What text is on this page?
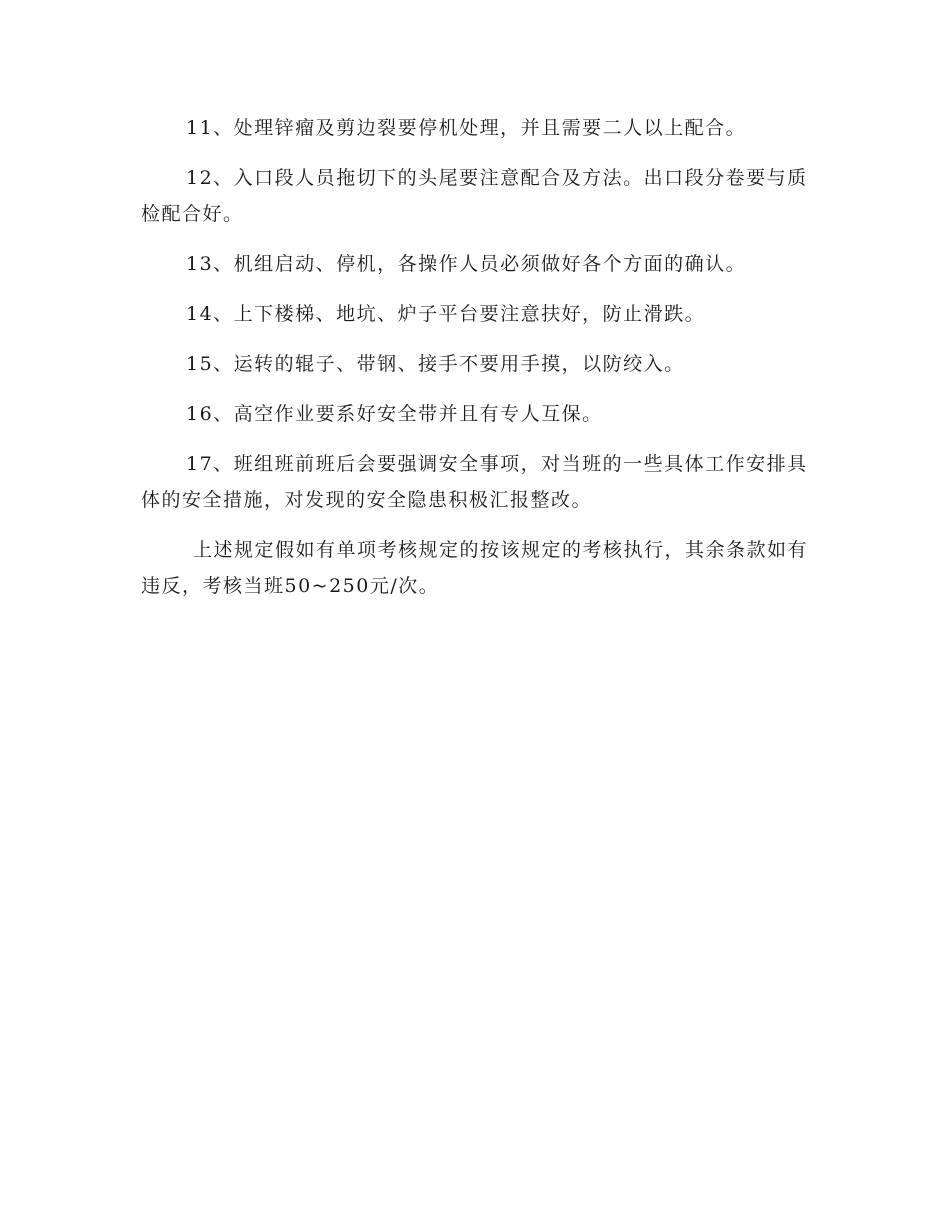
11、处理锌瘤及剪边裂要停机处理，并且需要二人以上配合。

12、入口段人员拖切下的头尾要注意配合及方法。出口段分卷要与质检配合好。

13、机组启动、停机，各操作人员必须做好各个方面的确认。

14、上下楼梯、地坑、炉子平台要注意扶好，防止滑跌。

15、运转的辊子、带钢、接手不要用手摸，以防绞入。

16、高空作业要系好安全带并且有专人互保。

17、班组班前班后会要强调安全事项，对当班的一些具体工作安排具体的安全措施，对发现的安全隐患积极汇报整改。

上述规定假如有单项考核规定的按该规定的考核执行，其余条款如有违反，考核当班50~250元/次。
